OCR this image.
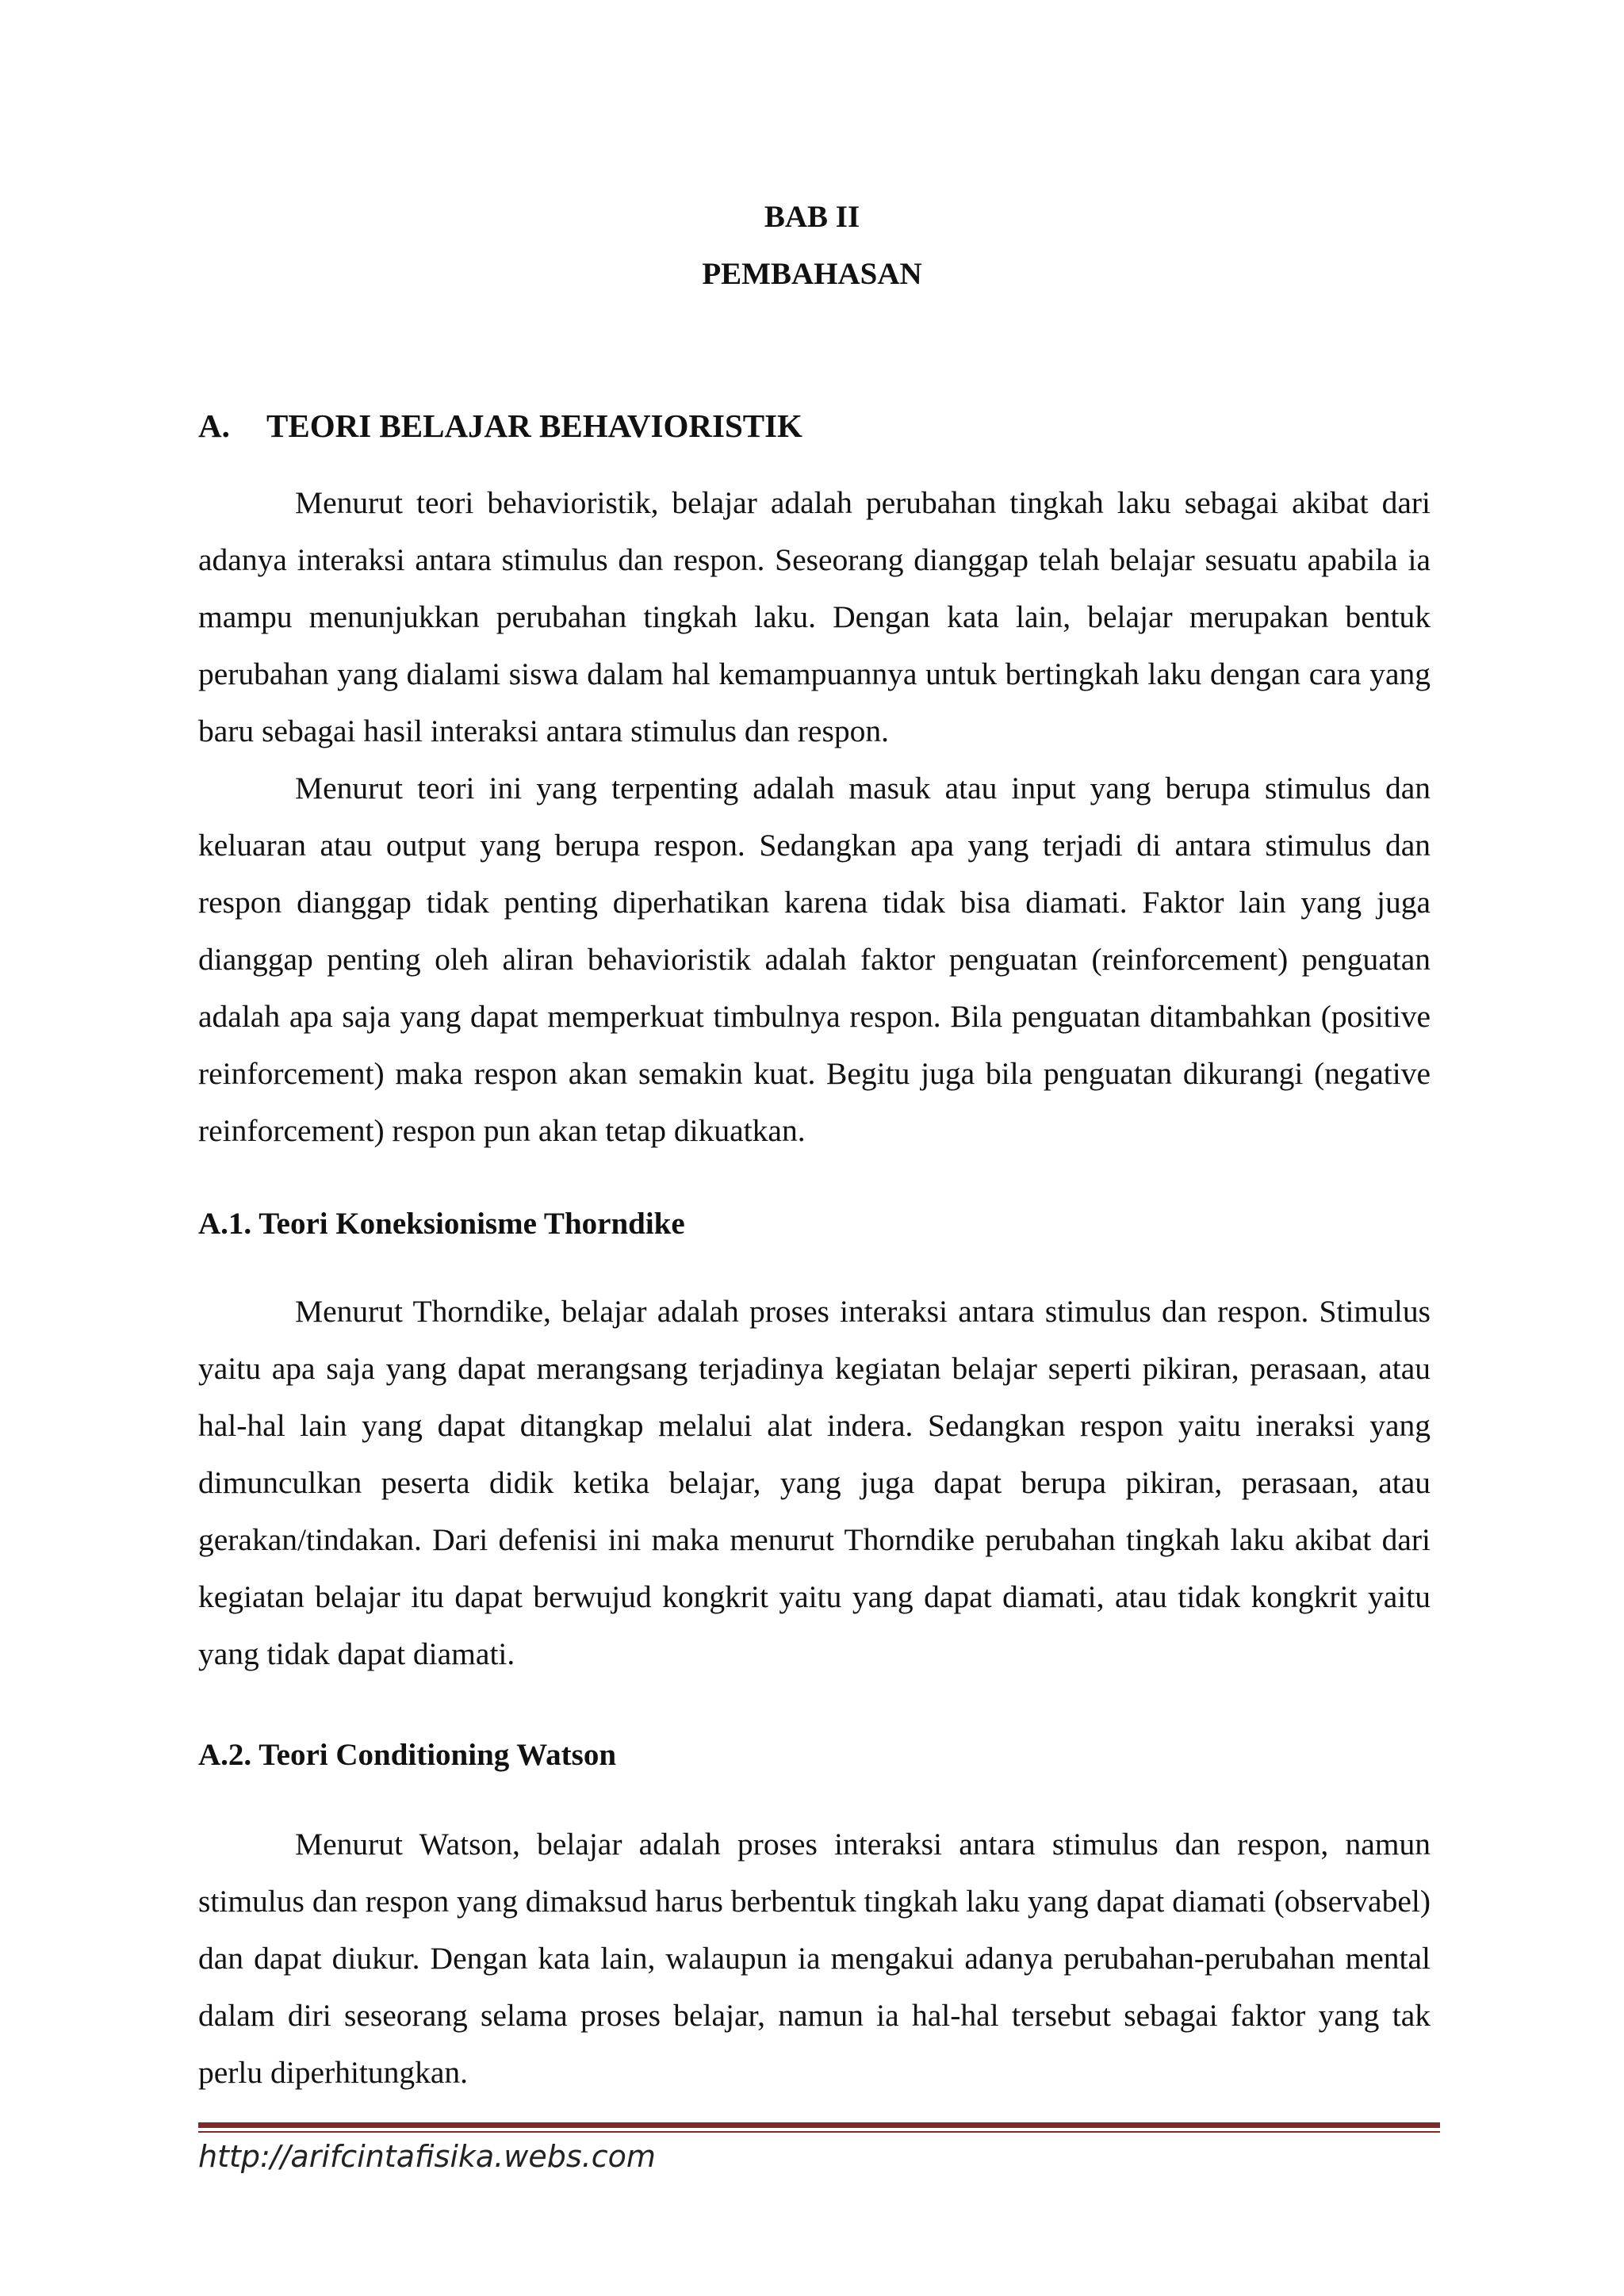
BAB II
PEMBAHASAN
A. TEORI BELAJAR BEHAVIORISTIK

Menurut teori behavioristik, belajar adalah perubahan tingkah laku sebagai akibat dari adanya interaksi antara stimulus dan respon. Seseorang dianggap telah belajar sesuatu apabila ia mampu menunjukkan perubahan tingkah laku. Dengan kata lain, belajar merupakan bentuk perubahan yang dialami siswa dalam hal kemampuannya untuk bertingkah laku dengan cara yang baru sebagai hasil interaksi antara stimulus dan respon.

Menurut teori ini yang terpenting adalah masuk atau input yang berupa stimulus dan keluaran atau output yang berupa respon. Sedangkan apa yang terjadi di antara stimulus dan respon dianggap tidak penting diperhatikan karena tidak bisa diamati. Faktor lain yang juga dianggap penting oleh aliran behavioristik adalah faktor penguatan (reinforcement) penguatan adalah apa saja yang dapat memperkuat timbulnya respon. Bila penguatan ditambahkan (positive reinforcement) maka respon akan semakin kuat. Begitu juga bila penguatan dikurangi (negative reinforcement) respon pun akan tetap dikuatkan.

A.1. Teori Koneksionisme Thorndike

Menurut Thorndike, belajar adalah proses interaksi antara stimulus dan respon. Stimulus yaitu apa saja yang dapat merangsang terjadinya kegiatan belajar seperti pikiran, perasaan, atau hal-hal lain yang dapat ditangkap melalui alat indera. Sedangkan respon yaitu ineraksi yang dimunculkan peserta didik ketika belajar, yang juga dapat berupa pikiran, perasaan, atau gerakan/tindakan. Dari defenisi ini maka menurut Thorndike perubahan tingkah laku akibat dari kegiatan belajar itu dapat berwujud kongkrit yaitu yang dapat diamati, atau tidak kongkrit yaitu yang tidak dapat diamati.

A.2. Teori Conditioning Watson

Menurut Watson, belajar adalah proses interaksi antara stimulus dan respon, namun stimulus dan respon yang dimaksud harus berbentuk tingkah laku yang dapat diamati (observabel) dan dapat diukur. Dengan kata lain, walaupun ia mengakui adanya perubahan-perubahan mental dalam diri seseorang selama proses belajar, namun ia hal-hal tersebut sebagai faktor yang tak perlu diperhitungkan.

http://arifcintafisika.webs.com
